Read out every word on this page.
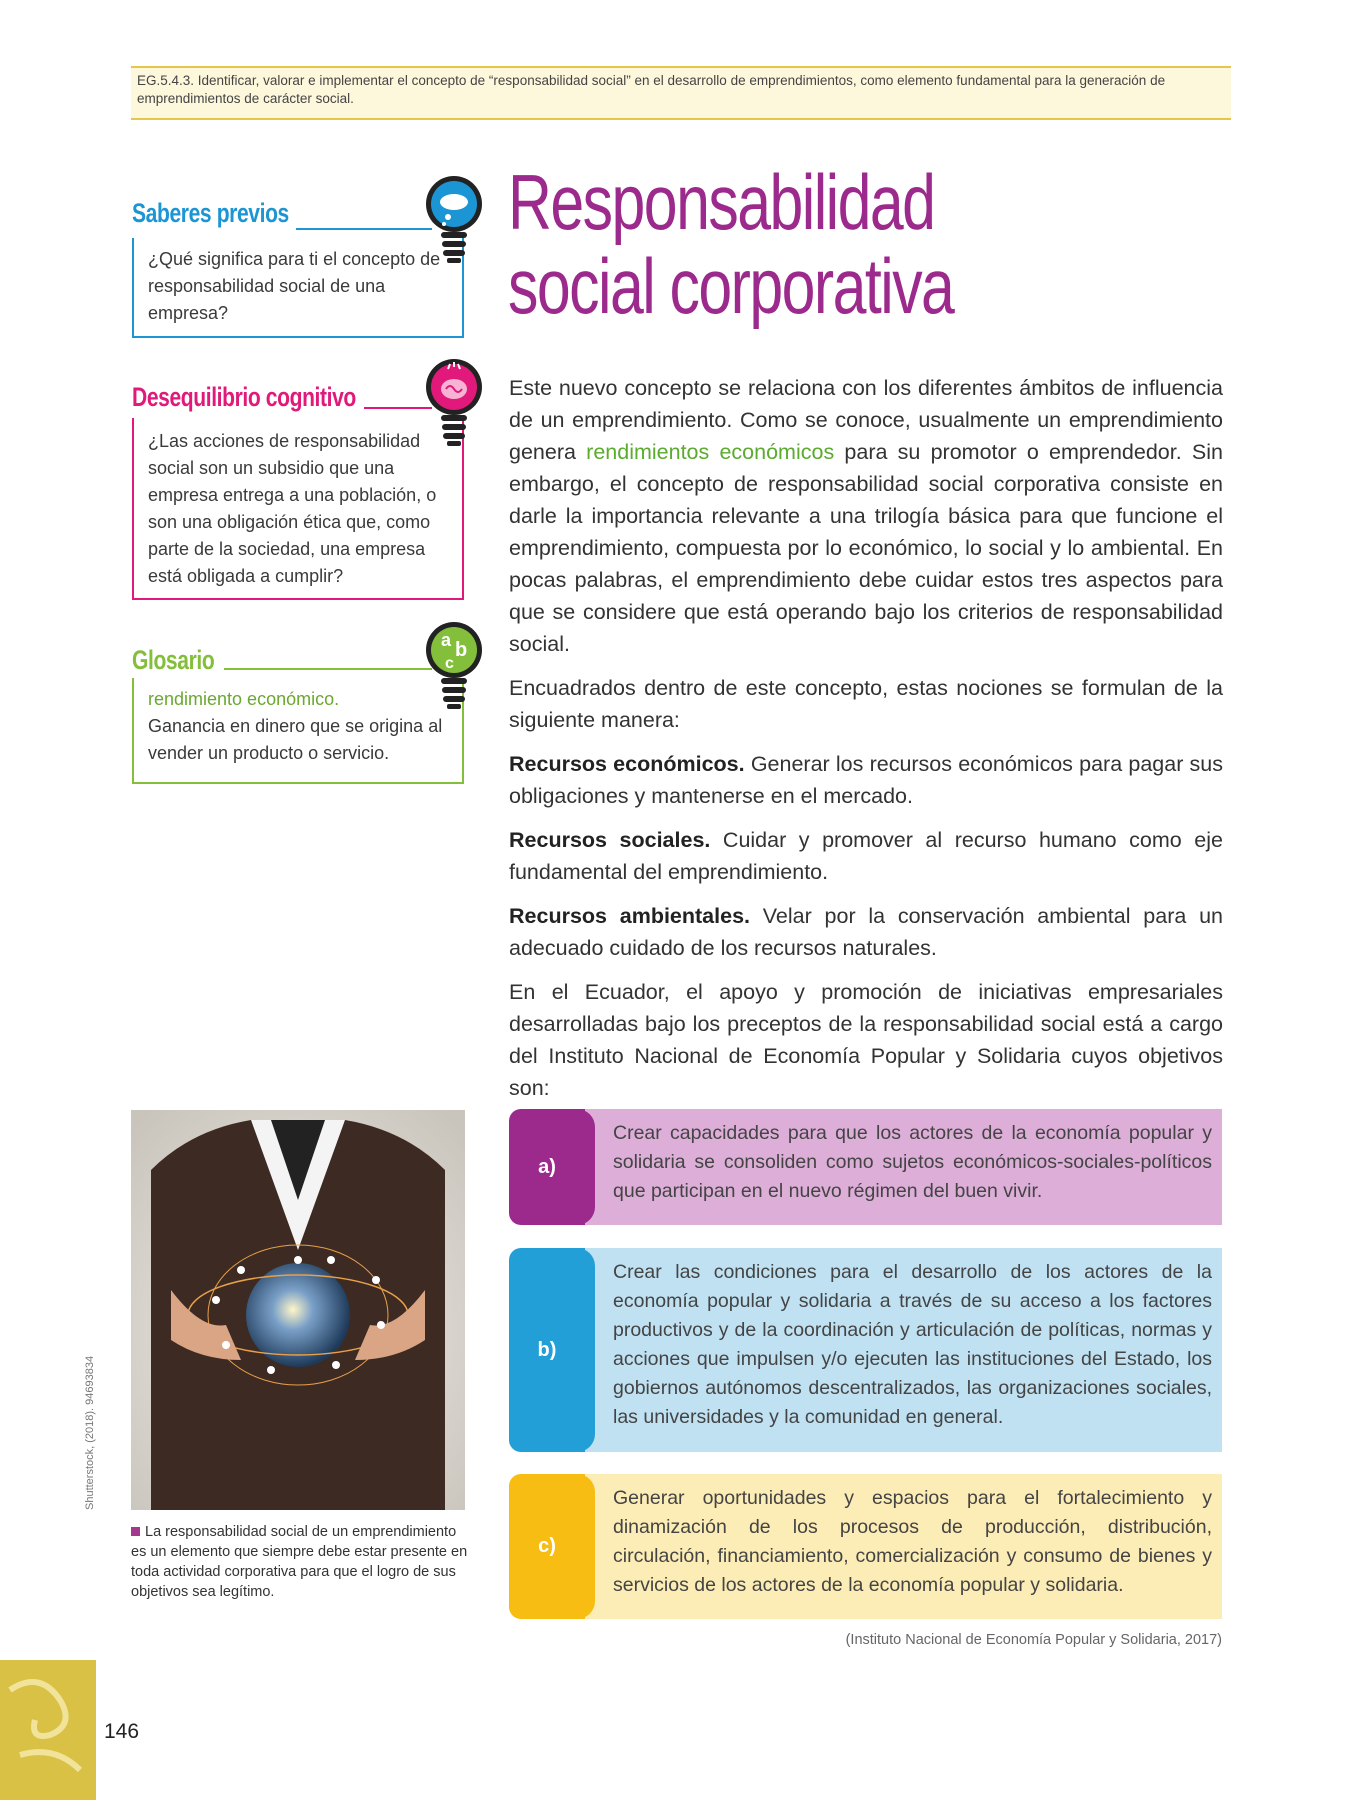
EG.5.4.3. Identificar, valorar e implementar el concepto de “responsabilidad social” en el desarrollo de emprendimientos, como elemento fundamental para la generación de emprendimientos de carácter social.

Responsabilidad
social corporativa
Saberes previos

¿Qué significa para ti el concepto de responsabilidad social de una empresa?

Desequilibrio cognitivo

¿Las acciones de responsabilidad social son un subsidio que una empresa entrega a una población, o son una obligación ética que, como parte de la sociedad, una empresa está obligada a cumplir?

Glosario

rendimiento económico.

Ganancia en dinero que se origina al vender un producto o servicio.

a b
c

Este nuevo concepto se relaciona con los diferentes ámbitos de influencia de un emprendimiento. Como se conoce, usualmente un emprendimiento genera rendimientos económicos para su promotor o emprendedor. Sin embargo, el concepto de responsabilidad social corporativa consiste en darle la importancia relevante a una trilogía básica para que funcione el emprendimiento, compuesta por lo económico, lo social y lo ambiental. En pocas palabras, el emprendimiento debe cuidar estos tres aspectos para que se considere que está operando bajo los criterios de responsabilidad social.

Encuadrados dentro de este concepto, estas nociones se formulan de la siguiente manera:

Recursos económicos. Generar los recursos económicos para pagar sus obligaciones y mantenerse en el mercado.

Recursos sociales. Cuidar y promover al recurso humano como eje fundamental del emprendimiento.

Recursos ambientales. Velar por la conservación ambiental para un adecuado cuidado de los recursos naturales.

En el Ecuador, el apoyo y promoción de iniciativas empresariales desarrolladas bajo los preceptos de la responsabilidad social está a cargo del Instituto Nacional de Economía Popular y Solidaria cuyos objetivos son:

Shutterstock, (2018). 94693834
La responsabilidad social de un emprendimiento es un elemento que siempre debe estar presente en toda actividad corporativa para que el logro de sus objetivos sea legítimo.
a)
Crear capacidades para que los actores de la economía popular y solidaria se consoliden como sujetos económicos-sociales-políticos que participan en el nuevo régimen del buen vivir.
b)
Crear las condiciones para el desarrollo de los actores de la economía popular y solidaria a través de su acceso a los factores productivos y de la coordinación y articulación de políticas, normas y acciones que impulsen y/o ejecuten las instituciones del Estado, los gobiernos autónomos descentralizados, las organizaciones sociales, las universidades y la comunidad en general.
c)
Generar oportunidades y espacios para el fortalecimiento y dinamización de los procesos de producción, distribución, circulación, financiamiento, comercialización y consumo de bienes y servicios de los actores de la economía popular y solidaria.
(Instituto Nacional de Economía Popular y Solidaria, 2017)
146
